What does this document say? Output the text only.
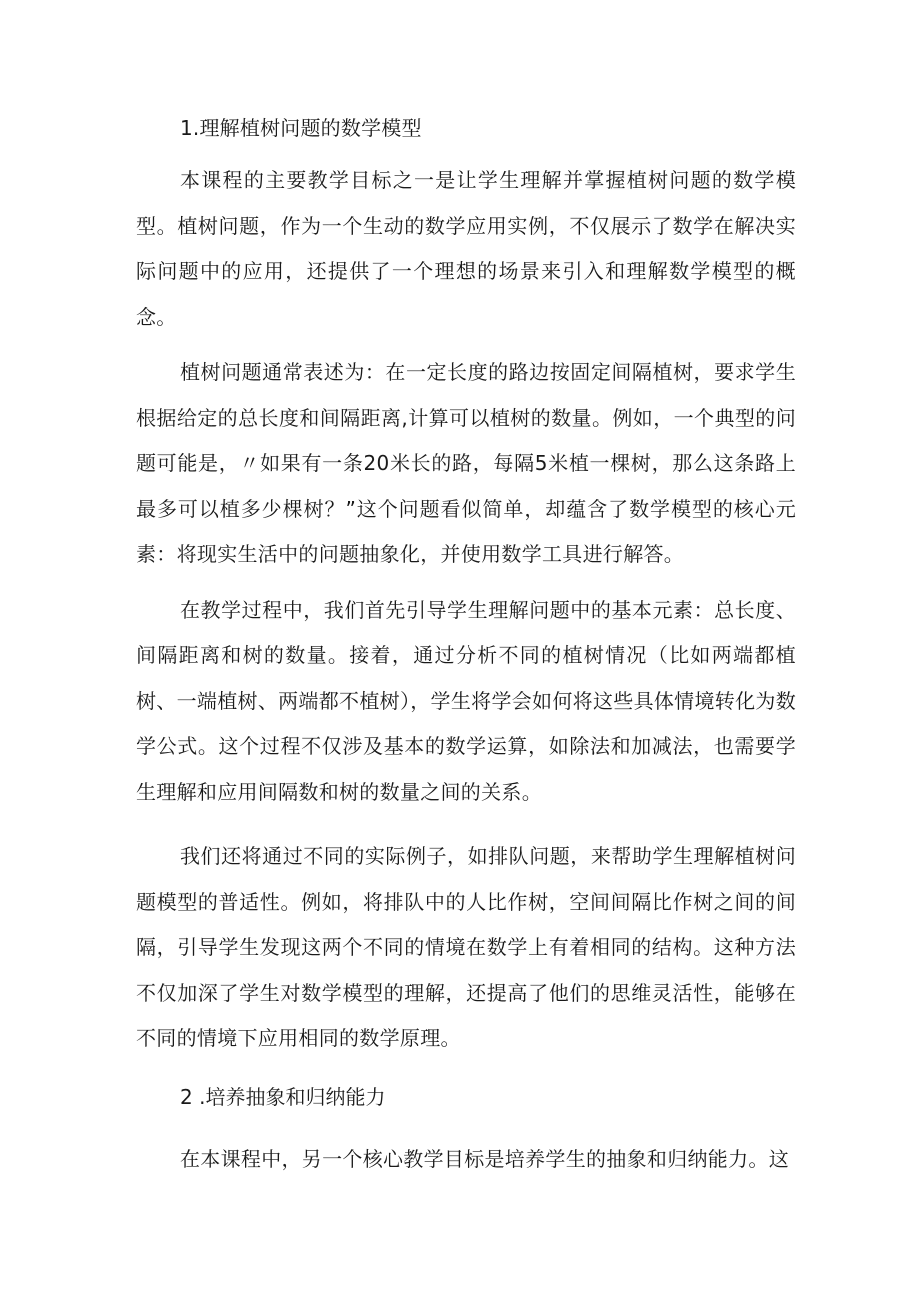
1.理解植树问题的数学模型

本课程的主要教学目标之一是让学生理解并掌握植树问题的数学模型。植树问题，作为一个生动的数学应用实例，不仅展示了数学在解决实际问题中的应用，还提供了一个理想的场景来引入和理解数学模型的概念。

植树问题通常表述为：在一定长度的路边按固定间隔植树，要求学生根据给定的总长度和间隔距离,计算可以植树的数量。例如，一个典型的问题可能是，〃如果有一条20米长的路，每隔5米植一棵树，那么这条路上最多可以植多少棵树？”这个问题看似简单，却蕴含了数学模型的核心元素：将现实生活中的问题抽象化，并使用数学工具进行解答。

在教学过程中，我们首先引导学生理解问题中的基本元素：总长度、间隔距离和树的数量。接着，通过分析不同的植树情况（比如两端都植树、一端植树、两端都不植树），学生将学会如何将这些具体情境转化为数学公式。这个过程不仅涉及基本的数学运算，如除法和加减法，也需要学生理解和应用间隔数和树的数量之间的关系。

我们还将通过不同的实际例子，如排队问题，来帮助学生理解植树问题模型的普适性。例如，将排队中的人比作树，空间间隔比作树之间的间隔，引导学生发现这两个不同的情境在数学上有着相同的结构。这种方法不仅加深了学生对数学模型的理解，还提高了他们的思维灵活性，能够在不同的情境下应用相同的数学原理。

2 .培养抽象和归纳能力

在本课程中，另一个核心教学目标是培养学生的抽象和归纳能力。这
